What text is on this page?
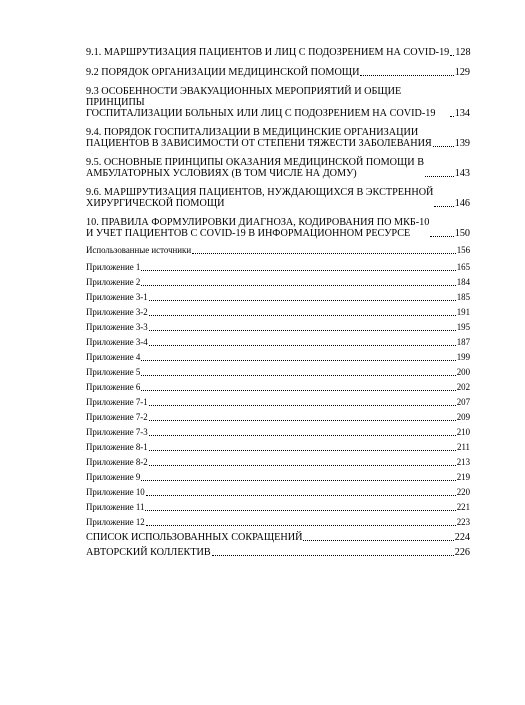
9.1. МАРШРУТИЗАЦИЯ ПАЦИЕНТОВ И ЛИЦ С ПОДОЗРЕНИЕМ НА COVID-19 128
9.2 ПОРЯДОК ОРГАНИЗАЦИИ МЕДИЦИНСКОЙ ПОМОЩИ	129
9.3 ОСОБЕННОСТИ ЭВАКУАЦИОННЫХ МЕРОПРИЯТИЙ И ОБЩИЕ ПРИНЦИПЫ
ГОСПИТАЛИЗАЦИИ БОЛЬНЫХ ИЛИ ЛИЦ С ПОДОЗРЕНИЕМ НА COVID-19	134
9.4. ПОРЯДОК ГОСПИТАЛИЗАЦИИ В МЕДИЦИНСКИЕ ОРГАНИЗАЦИИ
ПАЦИЕНТОВ В ЗАВИСИМОСТИ ОТ СТЕПЕНИ ТЯЖЕСТИ ЗАБОЛЕВАНИЯ 139
9.5. ОСНОВНЫЕ ПРИНЦИПЫ ОКАЗАНИЯ МЕДИЦИНСКОЙ ПОМОЩИ В
АМБУЛАТОРНЫХ УСЛОВИЯХ (В ТОМ ЧИСЛЕ НА ДОМУ)	143
9.6. МАРШРУТИЗАЦИЯ ПАЦИЕНТОВ, НУЖДАЮЩИХСЯ В ЭКСТРЕННОЙ
ХИРУРГИЧЕСКОЙ ПОМОЩИ	146
10. ПРАВИЛА ФОРМУЛИРОВКИ ДИАГНОЗА, КОДИРОВАНИЯ ПО МКБ-10
И УЧЕТ ПАЦИЕНТОВ С COVID-19 В ИНФОРМАЦИОННОМ РЕСУРСЕ	150
Использованные источники	156
Приложение 1	165
Приложение 2	184
Приложение 3-1	185
Приложение 3-2	191
Приложение 3-3	195
Приложение 3-4	187
Приложение 4	199
Приложение 5	200
Приложение 6	202
Приложение 7-1	207
Приложение 7-2	209
Приложение 7-3	210
Приложение 8-1	211
Приложение 8-2	213
Приложение 9	219
Приложение 10	220
Приложение 11	221
Приложение 12	223
СПИСОК ИСПОЛЬЗОВАННЫХ СОКРАЩЕНИЙ	224
АВТОРСКИЙ КОЛЛЕКТИВ	226
